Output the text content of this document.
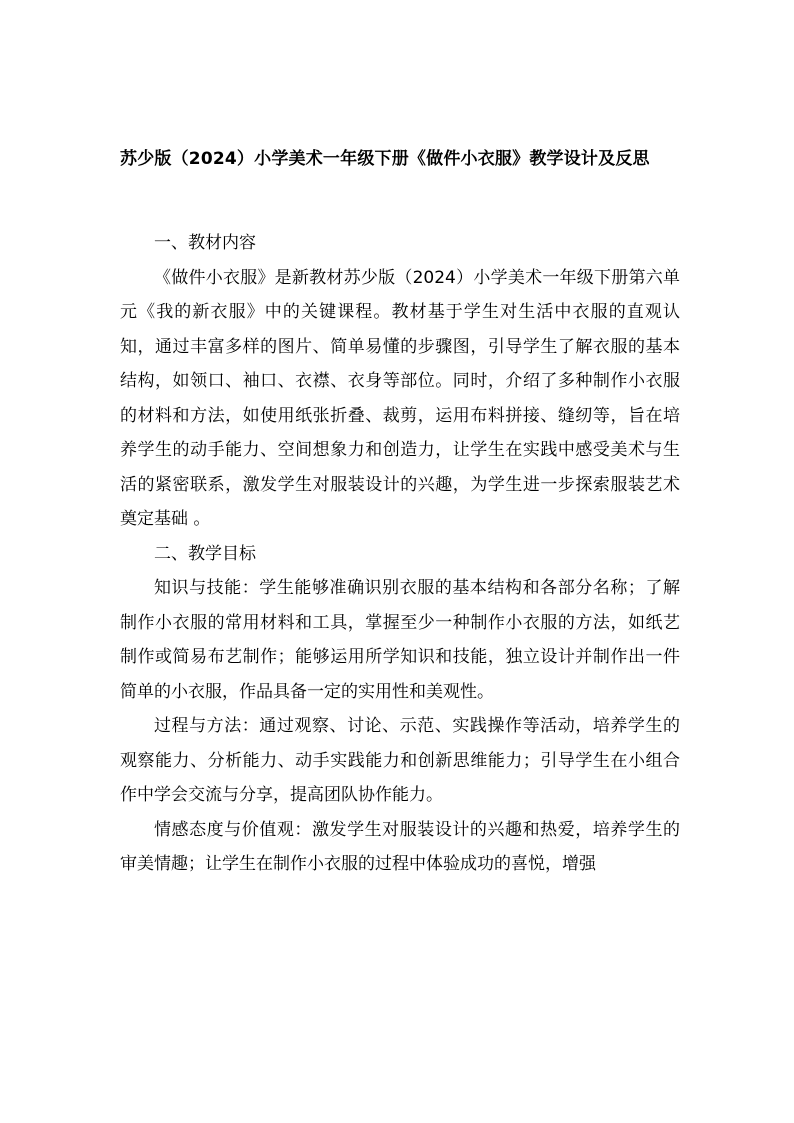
苏少版（2024）小学美术一年级下册《做件小衣服》教学设计及反思

一、教材内容

《做件小衣服》是新教材苏少版（2024）小学美术一年级下册第六单元《我的新衣服》中的关键课程。教材基于学生对生活中衣服的直观认知，通过丰富多样的图片、简单易懂的步骤图，引导学生了解衣服的基本结构，如领口、袖口、衣襟、衣身等部位。同时，介绍了多种制作小衣服的材料和方法，如使用纸张折叠、裁剪，运用布料拼接、缝纫等，旨在培养学生的动手能力、空间想象力和创造力，让学生在实践中感受美术与生活的紧密联系，激发学生对服装设计的兴趣，为学生进一步探索服装艺术奠定基础 。

二、教学目标

知识与技能：学生能够准确识别衣服的基本结构和各部分名称；了解制作小衣服的常用材料和工具，掌握至少一种制作小衣服的方法，如纸艺制作或简易布艺制作；能够运用所学知识和技能，独立设计并制作出一件简单的小衣服，作品具备一定的实用性和美观性。

过程与方法：通过观察、讨论、示范、实践操作等活动，培养学生的观察能力、分析能力、动手实践能力和创新思维能力；引导学生在小组合作中学会交流与分享，提高团队协作能力。

情感态度与价值观：激发学生对服装设计的兴趣和热爱，培养学生的审美情趣；让学生在制作小衣服的过程中体验成功的喜悦，增强
